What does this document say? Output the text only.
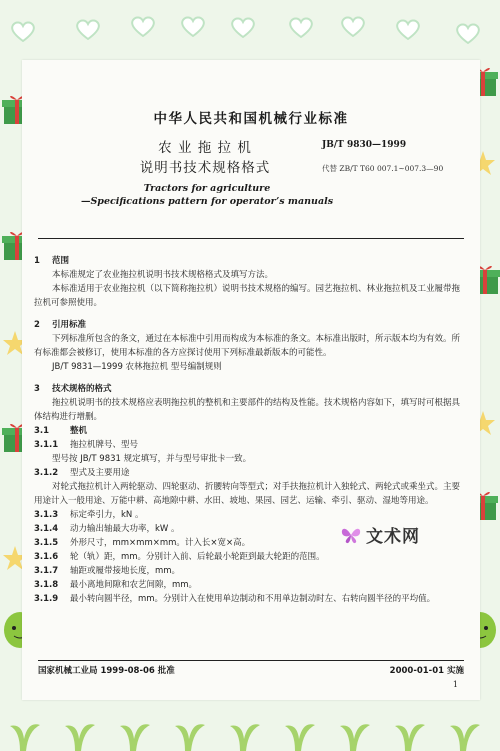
中华人民共和国机械行业标准
农 业 拖 拉 机
说明书技术规格格式
JB/T 9830—1999
代替 ZB/T T60 007.1~007.3—90
Tractors for agriculture
—Specifications pattern for operator’s manuals
1 范围

本标准规定了农业拖拉机说明书技术规格格式及填写方法。

本标准适用于农业拖拉机（以下简称拖拉机）说明书技术规格的编写。园艺拖拉机、林业拖拉机及工业履带拖拉机可参照使用。

2 引用标准

下列标准所包含的条文，通过在本标准中引用而构成为本标准的条文。本标准出版时，所示版本均为有效。所有标准都会被修订，使用本标准的各方应探讨使用下列标准最新版本的可能性。

JB/T 9831—1999 农林拖拉机 型号编制规则

3 技术规格的格式

拖拉机说明书的技术规格应表明拖拉机的整机和主要部件的结构及性能。技术规格内容如下，填写时可根据具体结构进行增删。

3.1 整机

3.1.1 拖拉机牌号、型号

型号按 JB/T 9831 规定填写，并与型号审批卡一致。

3.1.2 型式及主要用途

对轮式拖拉机计入两轮驱动、四轮驱动、折腰转向等型式；对手扶拖拉机计入独轮式、两轮式或乘坐式。主要用途计入一般用途、万能中耕、高地隙中耕、水田、坡地、果园、园艺、运输、牵引、驱动、湿地等用途。

3.1.3 标定牵引力，kN 。

3.1.4 动力输出轴最大功率，kW 。

3.1.5 外形尺寸，mm×mm×mm。计入长×宽×高。

3.1.6 轮（轨）距，mm。分别计入前、后轮最小轮距到最大轮距的范围。

3.1.7 轴距或履带接地长度，mm。

3.1.8 最小离地间隙和农艺间隙，mm。

3.1.9 最小转向圆半径，mm。分别计入在使用单边制动和不用单边制动时左、右转向圆半径的平均值。

国家机械工业局 1999-08-06 批准	2000-01-01 实施
1
文术网
